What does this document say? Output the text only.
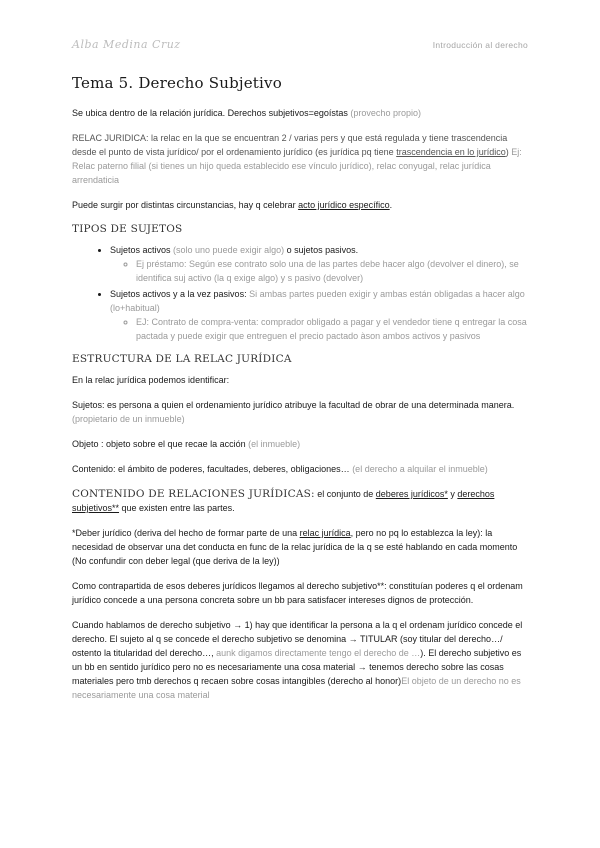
Alba Medina Cruz	Introducción al derecho
Tema 5. Derecho Subjetivo

Se ubica dentro de la relación jurídica. Derechos subjetivos=egoístas (provecho propio)

RELAC JURIDICA: la relac en la que se encuentran 2 / varias pers y que está regulada y tiene trascendencia desde el punto de vista jurídico/ por el ordenamiento jurídico (es jurídica pq tiene trascendencia en lo jurídico) Ej: Relac paterno filial (si tienes un hijo queda establecido ese vínculo jurídico), relac conyugal, relac jurídica arrendaticia

Puede surgir por distintas circunstancias, hay q celebrar acto jurídico específico.

TIPOS DE SUJETOS
• Sujetos activos (solo uno puede exigir algo) o sujetos pasivos.
◦ Ej préstamo: Según ese contrato solo una de las partes debe hacer algo (devolver el dinero), se identifica suj activo (la q exige algo) y s pasivo (devolver)
• Sujetos activos y a la vez pasivos: Si ambas partes pueden exigir y ambas están obligadas a hacer algo (lo+habitual)
◦ EJ: Contrato de compra-venta: comprador obligado a pagar y el vendedor tiene q entregar la cosa pactada y puede exigir que entreguen el precio pactado àson ambos activos y pasivos
ESTRUCTURA DE LA RELAC JURÍDICA

En la relac jurídica podemos identificar:

Sujetos: es persona a quien el ordenamiento jurídico atribuye la facultad de obrar de una determinada manera. (propietario de un inmueble)

Objeto : objeto sobre el que recae la acción (el inmueble)

Contenido: el ámbito de poderes, facultades, deberes, obligaciones… (el derecho a alquilar el inmueble)

CONTENIDO DE RELACIONES JURÍDICAS: el conjunto de deberes jurídicos* y derechos subjetivos** que existen entre las partes.

*Deber jurídico (deriva del hecho de formar parte de una relac jurídica, pero no pq lo establezca la ley): la necesidad de observar una det conducta en func de la relac jurídica de la q se esté hablando en cada momento (No confundir con deber legal (que deriva de la ley))

Como contrapartida de esos deberes jurídicos llegamos al derecho subjetivo**: constituían poderes q el ordenam jurídico concede a una persona concreta sobre un bb para satisfacer intereses dignos de protección.

Cuando hablamos de derecho subjetivo → 1) hay que identificar la persona a la q el ordenam jurídico concede el derecho. El sujeto al q se concede el derecho subjetivo se denomina → TITULAR (soy titular del derecho…/ ostento la titularidad del derecho…, aunk digamos directamente tengo el derecho de …). El derecho subjetivo es un bb en sentido jurídico pero no es necesariamente una cosa material → tenemos derecho sobre las cosas materiales pero tmb derechos q recaen sobre cosas intangibles (derecho al honor)El objeto de un derecho no es necesariamente una cosa material
